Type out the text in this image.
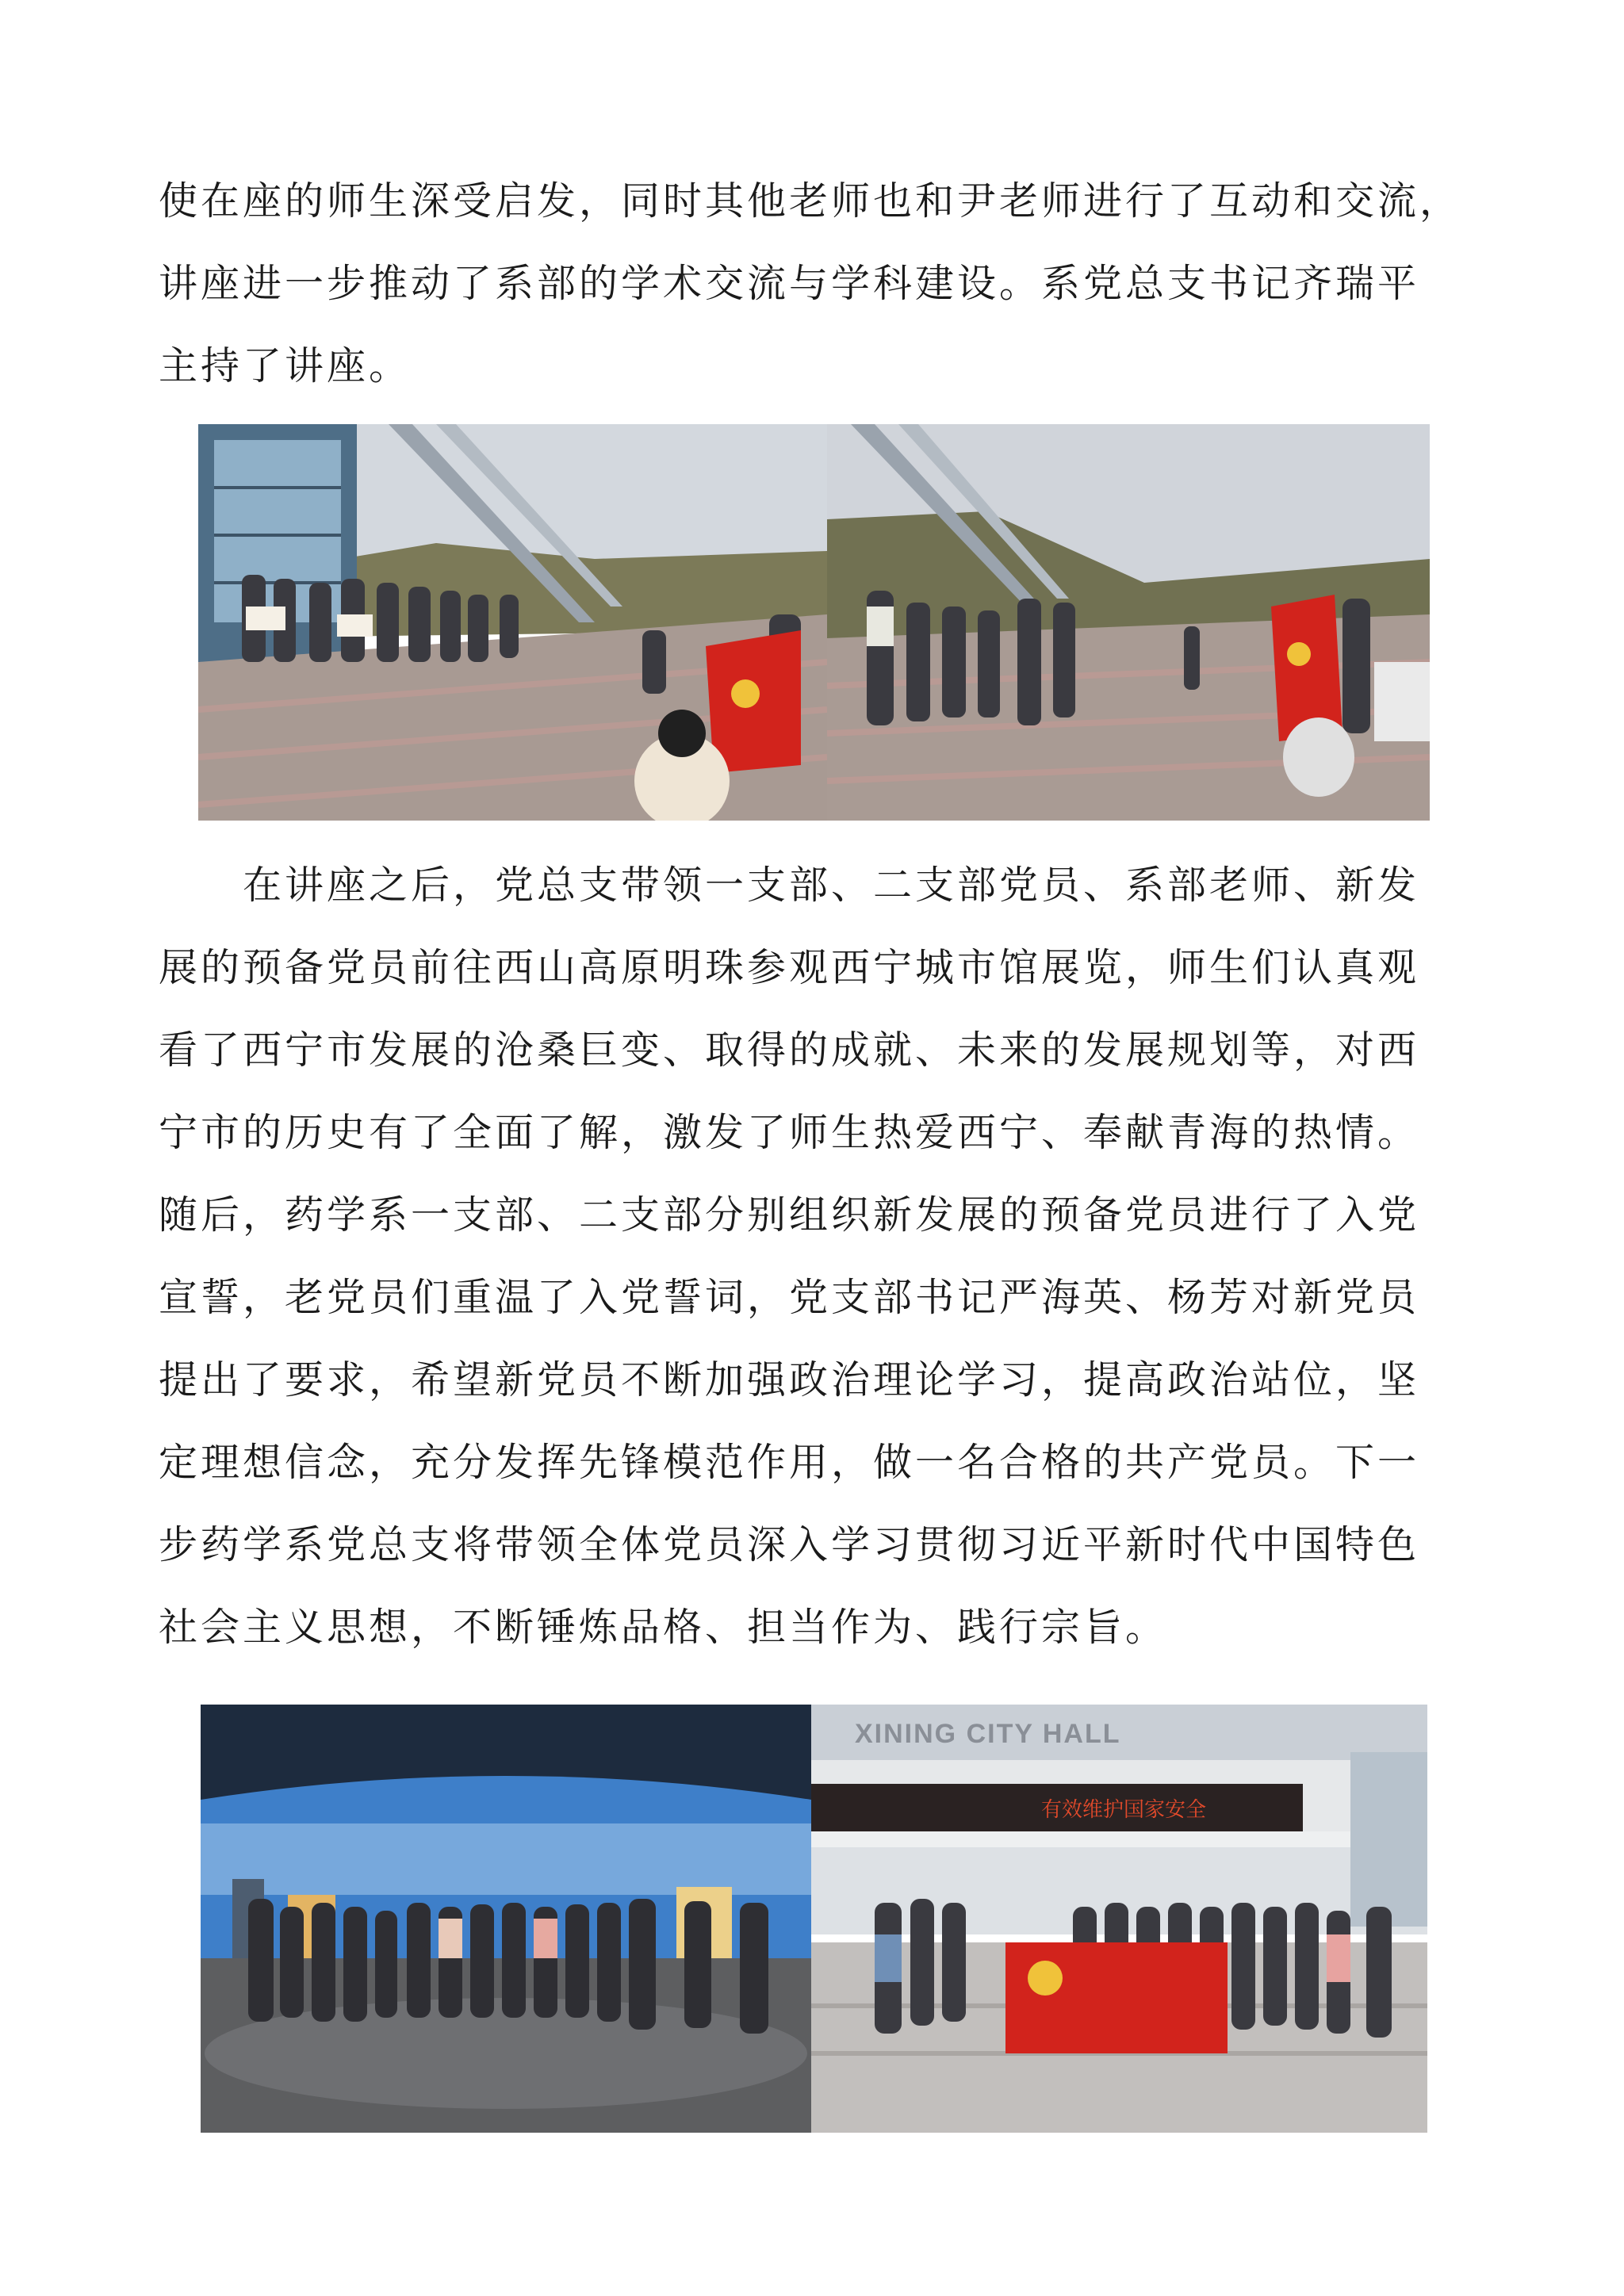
使在座的师生深受启发，同时其他老师也和尹老师进行了互动和交流，
讲座进一步推动了系部的学术交流与学科建设。系党总支书记齐瑞平
主持了讲座。
在讲座之后，党总支带领一支部、二支部党员、系部老师、新发
展的预备党员前往西山高原明珠参观西宁城市馆展览，师生们认真观
看了西宁市发展的沧桑巨变、取得的成就、未来的发展规划等，对西
宁市的历史有了全面了解，激发了师生热爱西宁、奉献青海的热情。
随后，药学系一支部、二支部分别组织新发展的预备党员进行了入党
宣誓，老党员们重温了入党誓词，党支部书记严海英、杨芳对新党员
提出了要求，希望新党员不断加强政治理论学习，提高政治站位，坚
定理想信念，充分发挥先锋模范作用，做一名合格的共产党员。下一
步药学系党总支将带领全体党员深入学习贯彻习近平新时代中国特色
社会主义思想，不断锤炼品格、担当作为、践行宗旨。
XINING CITY HALL
有效维护国家安全
